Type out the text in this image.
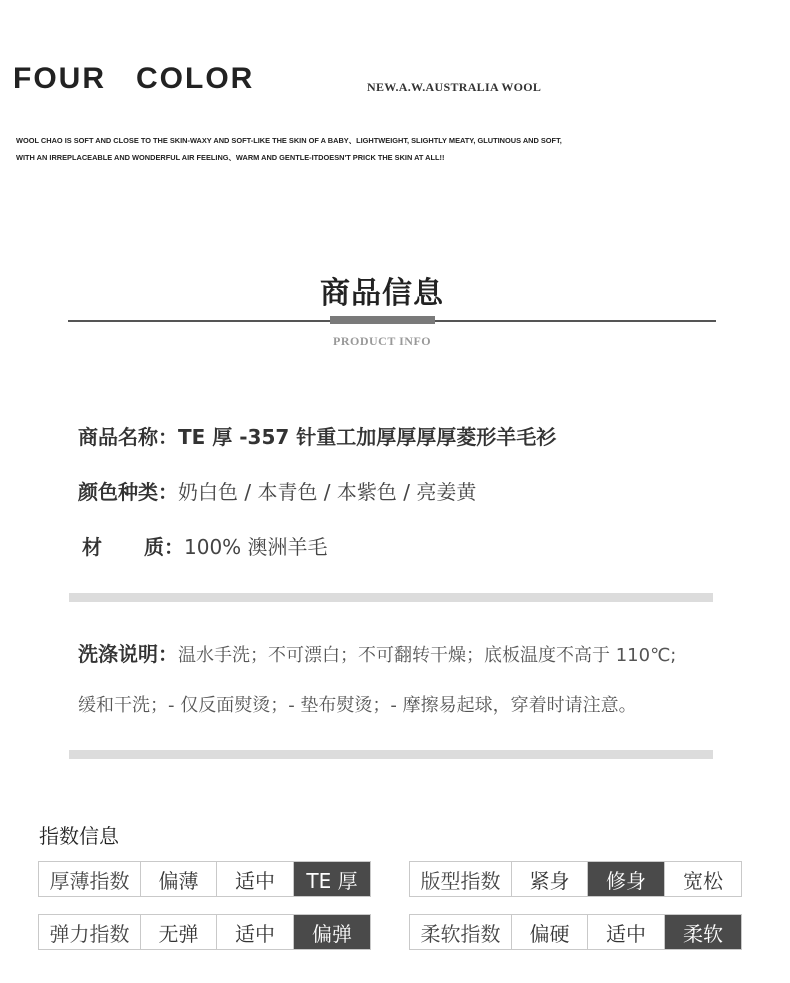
FOUR COLOR	NEW.A.W.AUSTRALIA WOOL
WOOL CHAO IS SOFT AND CLOSE TO THE SKIN-WAXY AND SOFT-LIKE THE SKIN OF A BABY、LIGHTWEIGHT, SLIGHTLY MEATY, GLUTINOUS AND SOFT,
WITH AN IRREPLACEABLE AND WONDERFUL AIR FEELING、WARM AND GENTLE-ITDOESN'T PRICK THE SKIN AT ALL!!
商品信息
PRODUCT INFO
商品名称：TE 厚 -357 针重工加厚厚厚厚菱形羊毛衫
颜色种类：奶白色 / 本青色 / 本紫色 / 亮姜黄
材 质：100% 澳洲羊毛
洗涤说明：温水手洗；不可漂白；不可翻转干燥；底板温度不高于 110℃;
缓和干洗；- 仅反面熨烫；- 垫布熨烫；- 摩擦易起球，穿着时请注意。
指数信息
厚薄指数	偏薄	适中	TE 厚	版型指数	紧身	修身	宽松
弹力指数	无弹	适中	偏弹	柔软指数	偏硬	适中	柔软
